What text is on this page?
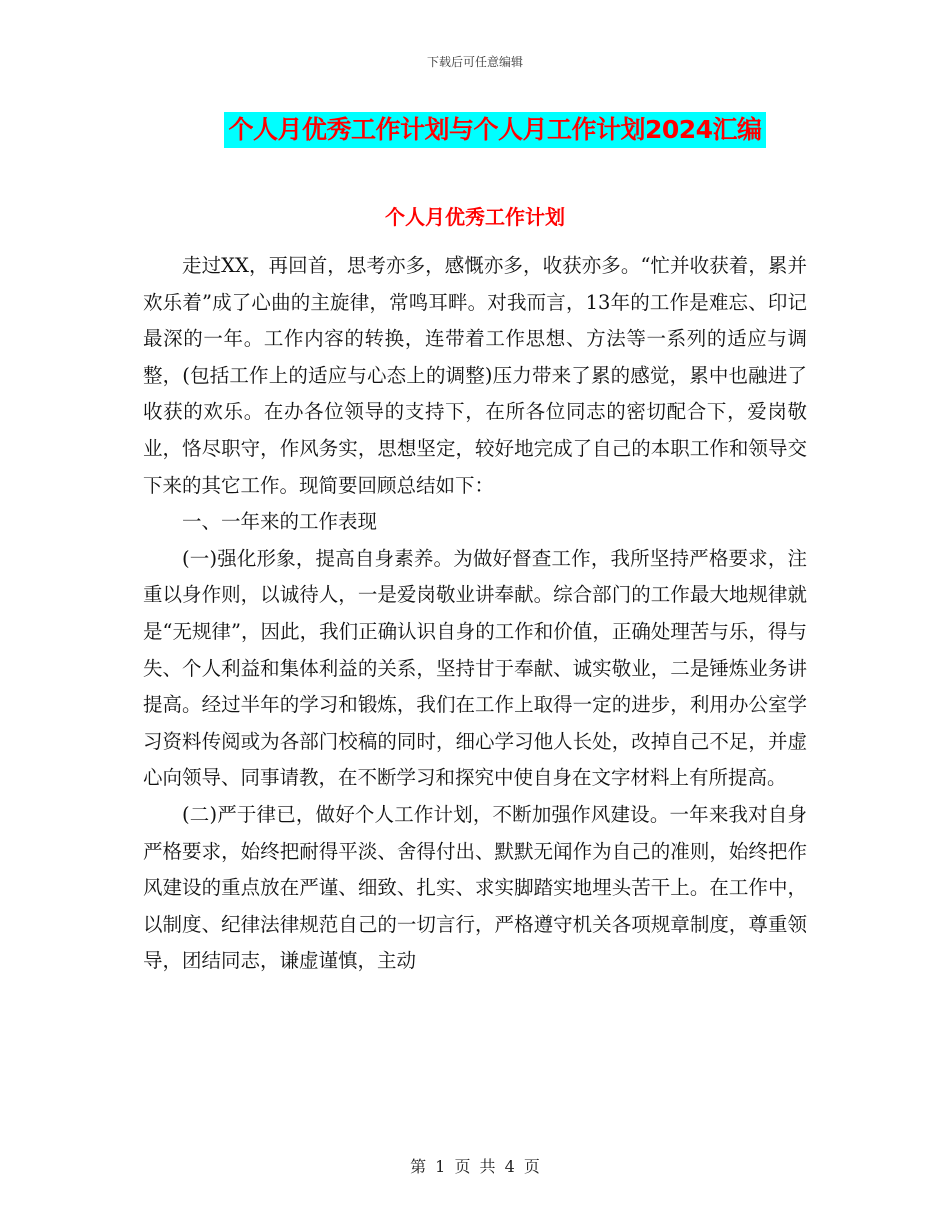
下载后可任意编辑
个人月优秀工作计划与个人月工作计划2024汇编
个人月优秀工作计划

走过XX，再回首，思考亦多，感慨亦多，收获亦多。“忙并收获着，累并欢乐着”成了心曲的主旋律，常鸣耳畔。对我而言，13年的工作是难忘、印记最深的一年。工作内容的转换，连带着工作思想、方法等一系列的适应与调整，(包括工作上的适应与心态上的调整)压力带来了累的感觉，累中也融进了收获的欢乐。在办各位领导的支持下，在所各位同志的密切配合下，爱岗敬业，恪尽职守，作风务实，思想坚定，较好地完成了自己的本职工作和领导交下来的其它工作。现简要回顾总结如下：

一、一年来的工作表现

(一)强化形象，提高自身素养。为做好督查工作，我所坚持严格要求，注重以身作则，以诚待人，一是爱岗敬业讲奉献。综合部门的工作最大地规律就是“无规律”，因此，我们正确认识自身的工作和价值，正确处理苦与乐，得与失、个人利益和集体利益的关系，坚持甘于奉献、诚实敬业，二是锤炼业务讲提高。经过半年的学习和锻炼，我们在工作上取得一定的进步，利用办公室学习资料传阅或为各部门校稿的同时，细心学习他人长处，改掉自己不足，并虚心向领导、同事请教，在不断学习和探究中使自身在文字材料上有所提高。

(二)严于律已，做好个人工作计划，不断加强作风建设。一年来我对自身严格要求，始终把耐得平淡、舍得付出、默默无闻作为自己的准则，始终把作风建设的重点放在严谨、细致、扎实、求实脚踏实地埋头苦干上。在工作中，以制度、纪律法律规范自己的一切言行，严格遵守机关各项规章制度，尊重领导，团结同志，谦虚谨慎，主动

第 1 页 共 4 页
